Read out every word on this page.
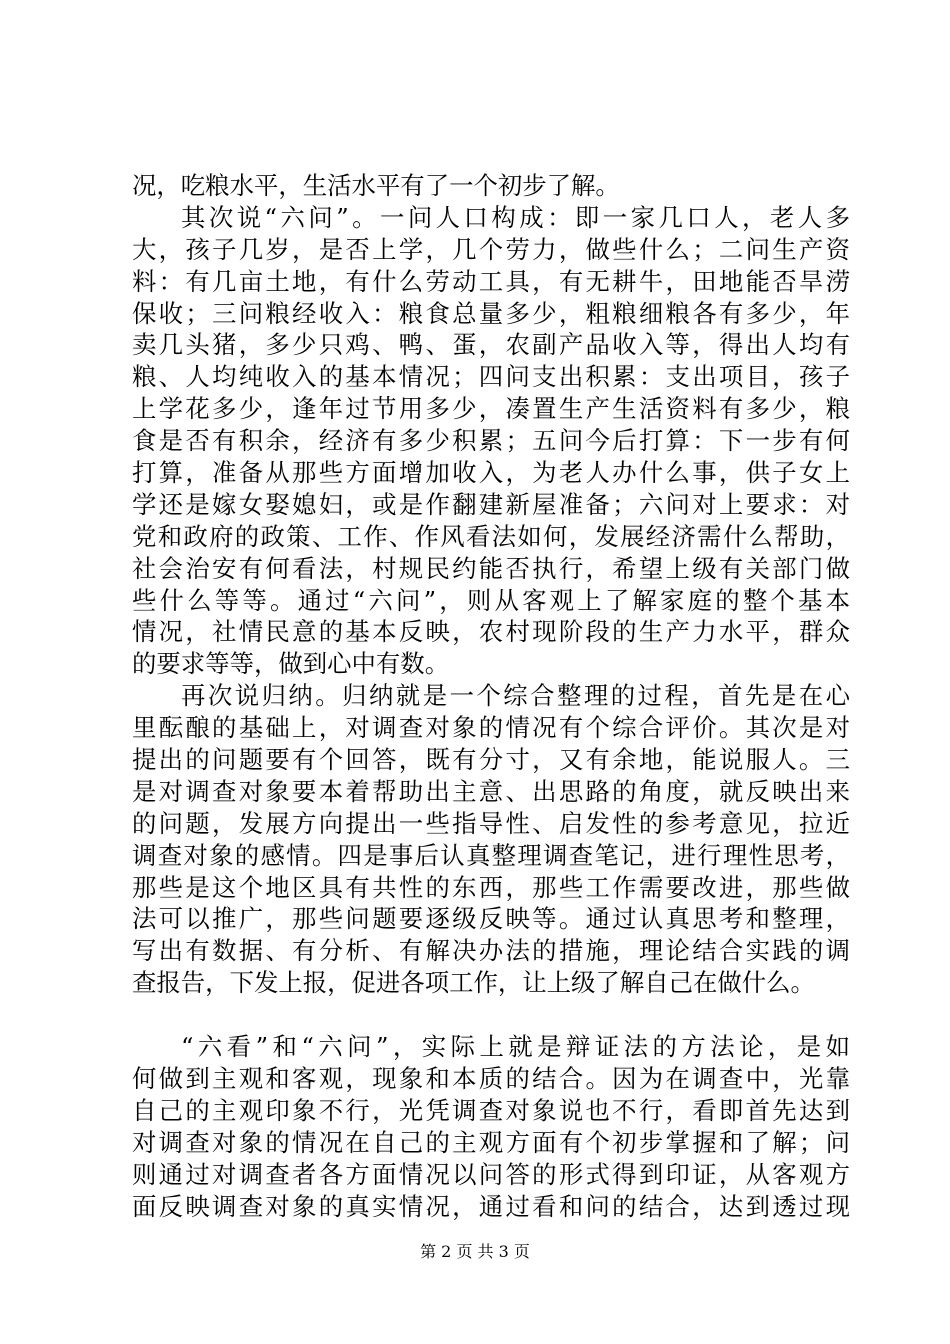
况，吃粮水平，生活水平有了一个初步了解。
其次说“六问”。一问人口构成：即一家几口人，老人多
大，孩子几岁，是否上学，几个劳力，做些什么；二问生产资
料：有几亩土地，有什么劳动工具，有无耕牛，田地能否旱涝
保收；三问粮经收入：粮食总量多少，粗粮细粮各有多少，年
卖几头猪，多少只鸡、鸭、蛋，农副产品收入等，得出人均有
粮、人均纯收入的基本情况；四问支出积累：支出项目，孩子
上学花多少，逢年过节用多少，凑置生产生活资料有多少，粮
食是否有积余，经济有多少积累；五问今后打算：下一步有何
打算，准备从那些方面增加收入，为老人办什么事，供子女上
学还是嫁女娶媳妇，或是作翻建新屋准备；六问对上要求：对
党和政府的政策、工作、作风看法如何，发展经济需什么帮助，
社会治安有何看法，村规民约能否执行，希望上级有关部门做
些什么等等。通过“六问”，则从客观上了解家庭的整个基本
情况，社情民意的基本反映，农村现阶段的生产力水平，群众
的要求等等，做到心中有数。
再次说归纳。归纳就是一个综合整理的过程，首先是在心
里酝酿的基础上，对调查对象的情况有个综合评价。其次是对
提出的问题要有个回答，既有分寸，又有余地，能说服人。三
是对调查对象要本着帮助出主意、出思路的角度，就反映出来
的问题，发展方向提出一些指导性、启发性的参考意见，拉近
调查对象的感情。四是事后认真整理调查笔记，进行理性思考，
那些是这个地区具有共性的东西，那些工作需要改进，那些做
法可以推广，那些问题要逐级反映等。通过认真思考和整理，
写出有数据、有分析、有解决办法的措施，理论结合实践的调
查报告，下发上报，促进各项工作，让上级了解自己在做什么。
“六看”和“六问”，实际上就是辩证法的方法论，是如
何做到主观和客观，现象和本质的结合。因为在调查中，光靠
自己的主观印象不行，光凭调查对象说也不行，看即首先达到
对调查对象的情况在自己的主观方面有个初步掌握和了解；问
则通过对调查者各方面情况以问答的形式得到印证，从客观方
面反映调查对象的真实情况，通过看和问的结合，达到透过现
第 2 页 共 3 页
